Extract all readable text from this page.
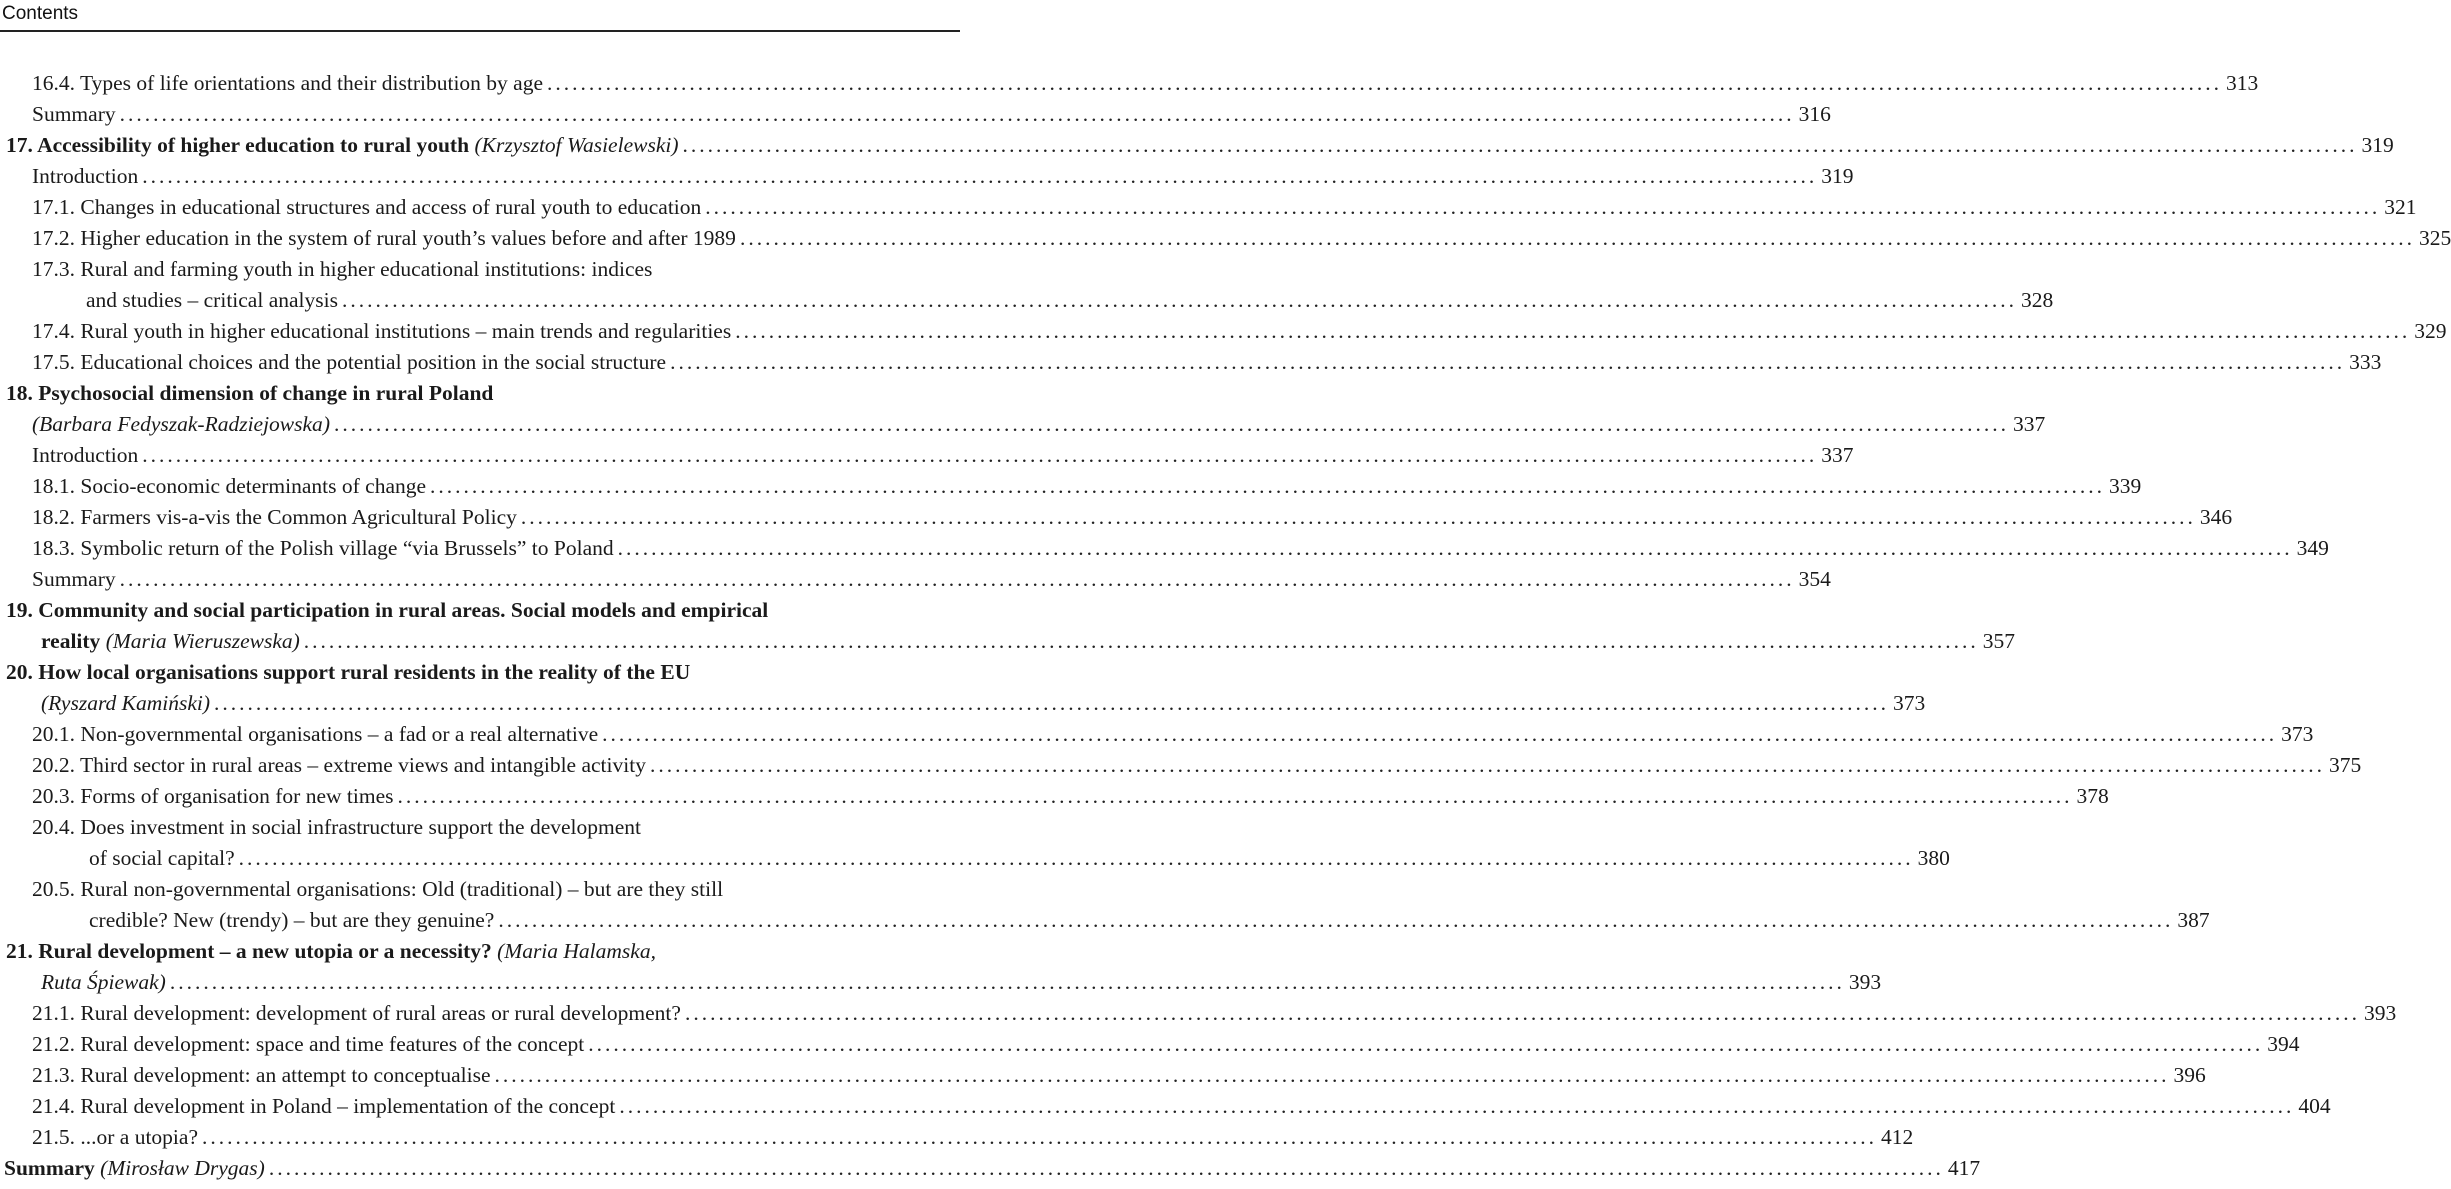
Contents
16.4. Types of life orientations and their distribution by age ........................................................................................................................................................................................................ 313
Summary ........................................................................................................................................................................................................ 316
17. Accessibility of higher education to rural youth (Krzysztof Wasielewski) ........................................................................................................................................................................................................ 319
Introduction ........................................................................................................................................................................................................ 319
17.1. Changes in educational structures and access of rural youth to education ........................................................................................................................................................................................................ 321
17.2. Higher education in the system of rural youth’s values before and after 1989 ........................................................................................................................................................................................................ 325
17.3. Rural and farming youth in higher educational institutions: indices
and studies – critical analysis ........................................................................................................................................................................................................ 328
17.4. Rural youth in higher educational institutions – main trends and regularities ........................................................................................................................................................................................................ 329
17.5. Educational choices and the potential position in the social structure ........................................................................................................................................................................................................ 333
18. Psychosocial dimension of change in rural Poland
(Barbara Fedyszak-Radziejowska) ........................................................................................................................................................................................................ 337
Introduction ........................................................................................................................................................................................................ 337
18.1. Socio-economic determinants of change ........................................................................................................................................................................................................ 339
18.2. Farmers vis-a-vis the Common Agricultural Policy ........................................................................................................................................................................................................ 346
18.3. Symbolic return of the Polish village “via Brussels” to Poland ........................................................................................................................................................................................................ 349
Summary ........................................................................................................................................................................................................ 354
19. Community and social participation in rural areas. Social models and empirical
reality (Maria Wieruszewska) ........................................................................................................................................................................................................ 357
20. How local organisations support rural residents in the reality of the EU
(Ryszard Kamiński) ........................................................................................................................................................................................................ 373
20.1. Non-governmental organisations – a fad or a real alternative ........................................................................................................................................................................................................ 373
20.2. Third sector in rural areas – extreme views and intangible activity ........................................................................................................................................................................................................ 375
20.3. Forms of organisation for new times ........................................................................................................................................................................................................ 378
20.4. Does investment in social infrastructure support the development
of social capital? ........................................................................................................................................................................................................ 380
20.5. Rural non-governmental organisations: Old (traditional) – but are they still
credible? New (trendy) – but are they genuine? ........................................................................................................................................................................................................ 387
21. Rural development – a new utopia or a necessity? (Maria Halamska,
Ruta Śpiewak) ........................................................................................................................................................................................................ 393
21.1. Rural development: development of rural areas or rural development? ........................................................................................................................................................................................................ 393
21.2. Rural development: space and time features of the concept ........................................................................................................................................................................................................ 394
21.3. Rural development: an attempt to conceptualise ........................................................................................................................................................................................................ 396
21.4. Rural development in Poland – implementation of the concept ........................................................................................................................................................................................................ 404
21.5. ...or a utopia? ........................................................................................................................................................................................................ 412
Summary (Mirosław Drygas) ........................................................................................................................................................................................................ 417
